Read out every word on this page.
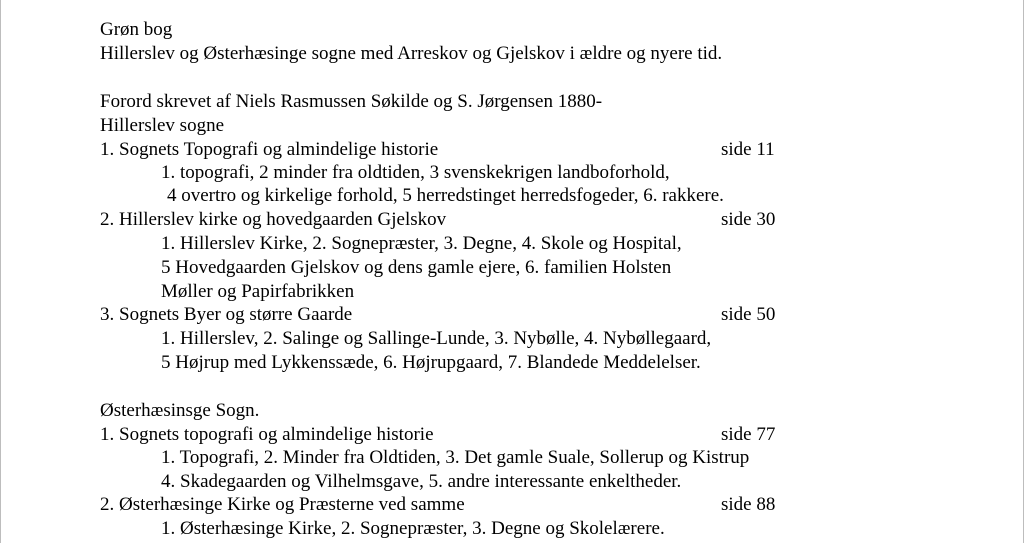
Grøn bog
Hillerslev og Østerhæsinge sogne med Arreskov og Gjelskov i ældre og nyere tid.
Forord skrevet af Niels Rasmussen Søkilde og S. Jørgensen 1880-
Hillerslev sogne
1. Sognets Topografi og almindelige historie	side 11
1. topografi, 2 minder fra oldtiden, 3 svenskekrigen landboforhold,
4 overtro og kirkelige forhold, 5 herredstinget herredsfogeder, 6. rakkere.
2. Hillerslev kirke og hovedgaarden Gjelskov	side 30
1. Hillerslev Kirke, 2. Sognepræster, 3. Degne, 4. Skole og Hospital,
5 Hovedgaarden Gjelskov og dens gamle ejere, 6. familien Holsten
Møller og Papirfabrikken
3. Sognets Byer og større Gaarde	side 50
1. Hillerslev, 2. Salinge og Sallinge-Lunde, 3. Nybølle, 4. Nybøllegaard,
5 Højrup med Lykkenssæde, 6. Højrupgaard, 7. Blandede Meddelelser.
Østerhæsinsge Sogn.
1. Sognets topografi og almindelige historie	side 77
1. Topografi, 2. Minder fra Oldtiden, 3. Det gamle Suale, Sollerup og Kistrup
4. Skadegaarden og Vilhelmsgave, 5. andre interessante enkeltheder.
2. Østerhæsinge Kirke og Præsterne ved samme	side 88
1. Østerhæsinge Kirke, 2. Sognepræster, 3. Degne og Skolelærere.
